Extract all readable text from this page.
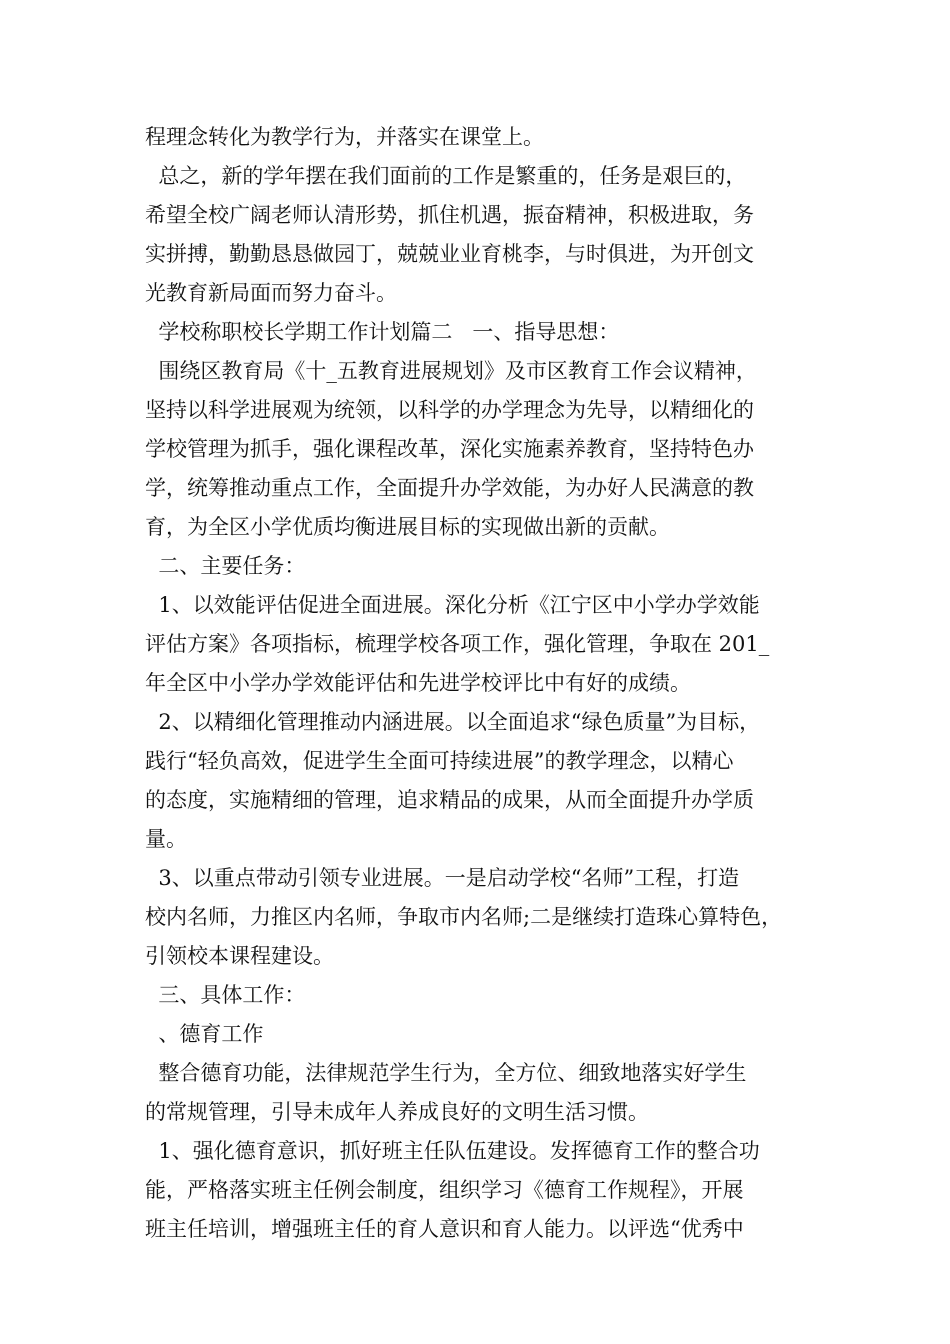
程理念转化为教学行为，并落实在课堂上。

总之，新的学年摆在我们面前的工作是繁重的，任务是艰巨的，

希望全校广阔老师认清形势，抓住机遇，振奋精神，积极进取，务

实拼搏，勤勤恳恳做园丁，兢兢业业育桃李，与时俱进，为开创文

光教育新局面而努力奋斗。

学校称职校长学期工作计划篇二   一、指导思想：

围绕区教育局《十_五教育进展规划》及市区教育工作会议精神，

坚持以科学进展观为统领，以科学的办学理念为先导，以精细化的

学校管理为抓手，强化课程改革，深化实施素养教育，坚持特色办

学，统筹推动重点工作，全面提升办学效能，为办好人民满意的教

育，为全区小学优质均衡进展目标的实现做出新的贡献。

二、主要任务：

1、以效能评估促进全面进展。深化分析《江宁区中小学办学效能

评估方案》各项指标，梳理学校各项工作，强化管理，争取在 201_

年全区中小学办学效能评估和先进学校评比中有好的成绩。

2、以精细化管理推动内涵进展。以全面追求“绿色质量”为目标，

践行“轻负高效，促进学生全面可持续进展”的教学理念，以精心

的态度，实施精细的管理，追求精品的成果，从而全面提升办学质

量。

3、以重点带动引领专业进展。一是启动学校“名师”工程，打造

校内名师，力推区内名师，争取市内名师;二是继续打造珠心算特色，

引领校本课程建设。

三、具体工作：

、德育工作

整合德育功能，法律规范学生行为，全方位、细致地落实好学生

的常规管理，引导未成年人养成良好的文明生活习惯。

1、强化德育意识，抓好班主任队伍建设。发挥德育工作的整合功

能，严格落实班主任例会制度，组织学习《德育工作规程》，开展

班主任培训，增强班主任的育人意识和育人能力。以评选“优秀中
